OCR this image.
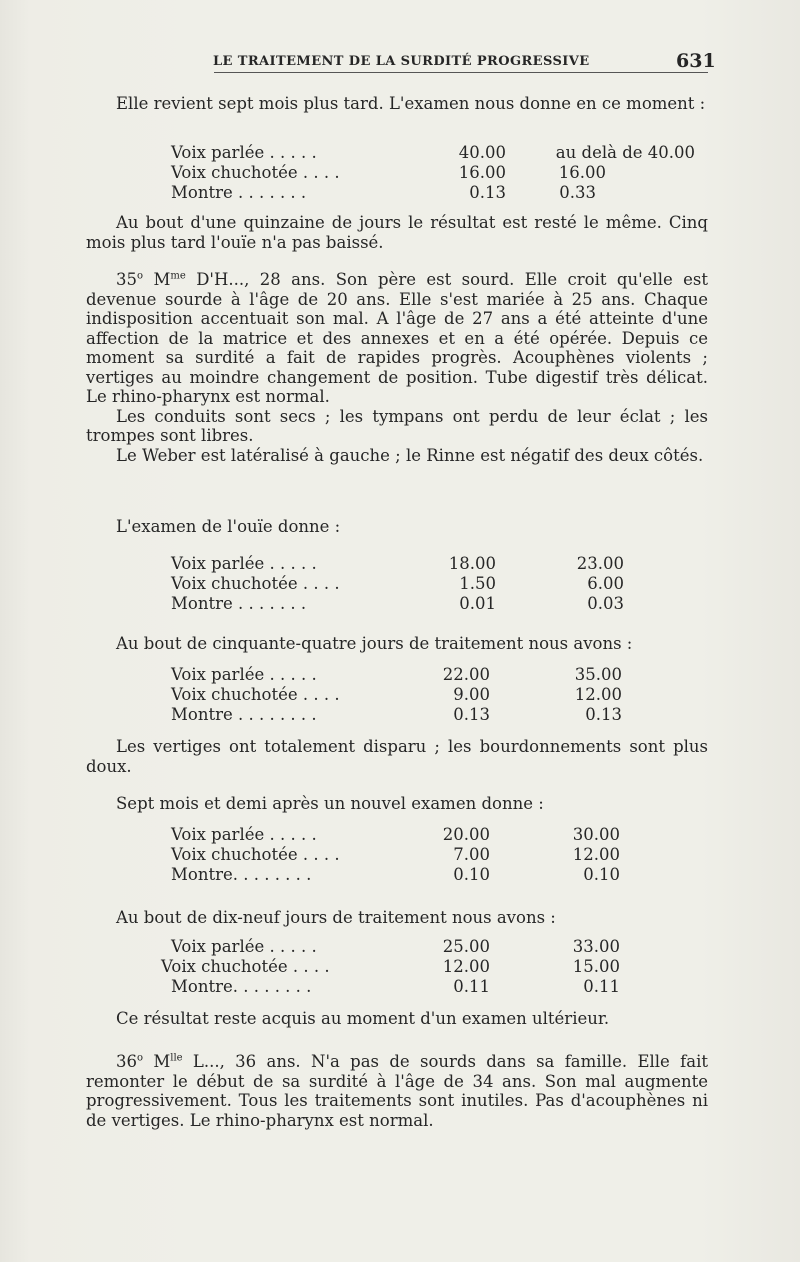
LE TRAITEMENT DE LA SURDITÉ PROGRESSIVE	631

Elle revient sept mois plus tard. L'examen nous donne en ce moment :

Voix parlée . . . . .	40.00	au delà de 40.00
Voix chuchotée . . . .	16.00	16.00
Montre . . . . . . .	0.13	0.33

Au bout d'une quinzaine de jours le résultat est resté le même. Cinq mois plus tard l'ouïe n'a pas baissé.

35$^o$ $M^{me}$ D'H..., 28 ans. Son père est sourd. Elle croit qu'elle est devenue sourde à l'âge de 20 ans. Elle s'est mariée à 25 ans. Chaque indisposition accentuait son mal. A l'âge de 27 ans a été atteinte d'une affection de la matrice et des annexes et en a été opérée. Depuis ce moment sa surdité a fait de rapides progrès. Acouphènes violents ; vertiges au moindre changement de position. Tube digestif très délicat. Le rhino-pharynx est normal.

Les conduits sont secs ; les tympans ont perdu de leur éclat ; les trompes sont libres.

Le Weber est latéralisé à gauche ; le Rinne est négatif des deux côtés.

L'examen de l'ouïe donne :

Voix parlée . . . . .	18.00	23.00
Voix chuchotée . . . .	1.50	6.00
Montre . . . . . . .	0.01	0.03

Au bout de cinquante-quatre jours de traitement nous avons :

Voix parlée . . . . .	22.00	35.00
Voix chuchotée . . . .	9.00	12.00
Montre . . . . . . . .	0.13	0.13

Les vertiges ont totalement disparu ; les bourdonnements sont plus doux.

Sept mois et demi après un nouvel examen donne :

Voix parlée . . . . .	20.00	30.00
Voix chuchotée . . . .	7.00	12.00
Montre. . . . . . . .	0.10	0.10

Au bout de dix-neuf jours de traitement nous avons :

Voix parlée . . . . .	25.00	33.00
Voix chuchotée . . . .	12.00	15.00
Montre. . . . . . . .	0.11	0.11

Ce résultat reste acquis au moment d'un examen ultérieur.

36$^o$ $M^{lle}$ L..., 36 ans. N'a pas de sourds dans sa famille. Elle fait remonter le début de sa surdité à l'âge de 34 ans. Son mal augmente progressivement. Tous les traitements sont inutiles. Pas d'acouphènes ni de vertiges. Le rhino-pharynx est normal.
